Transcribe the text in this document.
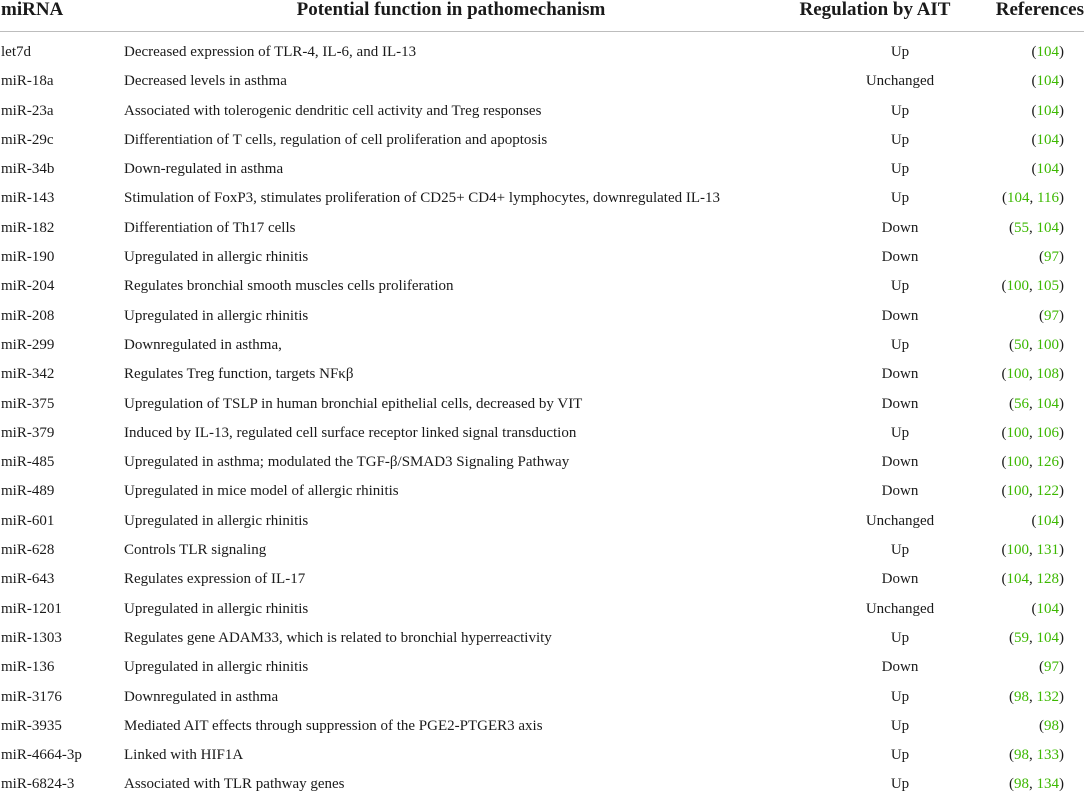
miRNA	Potential function in pathomechanism	Regulation by AIT	References
let7d	Decreased expression of TLR-4, IL-6, and IL-13	Up	(104)
miR-18a	Decreased levels in asthma	Unchanged	(104)
miR-23a	Associated with tolerogenic dendritic cell activity and Treg responses	Up	(104)
miR-29c	Differentiation of T cells, regulation of cell proliferation and apoptosis	Up	(104)
miR-34b	Down-regulated in asthma	Up	(104)
miR-143	Stimulation of FoxP3, stimulates proliferation of CD25+ CD4+ lymphocytes, downregulated IL-13	Up	(104, 116)
miR-182	Differentiation of Th17 cells	Down	(55, 104)
miR-190	Upregulated in allergic rhinitis	Down	(97)
miR-204	Regulates bronchial smooth muscles cells proliferation	Up	(100, 105)
miR-208	Upregulated in allergic rhinitis	Down	(97)
miR-299	Downregulated in asthma,	Up	(50, 100)
miR-342	Regulates Treg function, targets NFκβ	Down	(100, 108)
miR-375	Upregulation of TSLP in human bronchial epithelial cells, decreased by VIT	Down	(56, 104)
miR-379	Induced by IL-13, regulated cell surface receptor linked signal transduction	Up	(100, 106)
miR-485	Upregulated in asthma; modulated the TGF-β/SMAD3 Signaling Pathway	Down	(100, 126)
miR-489	Upregulated in mice model of allergic rhinitis	Down	(100, 122)
miR-601	Upregulated in allergic rhinitis	Unchanged	(104)
miR-628	Controls TLR signaling	Up	(100, 131)
miR-643	Regulates expression of IL-17	Down	(104, 128)
miR-1201	Upregulated in allergic rhinitis	Unchanged	(104)
miR-1303	Regulates gene ADAM33, which is related to bronchial hyperreactivity	Up	(59, 104)
miR-136	Upregulated in allergic rhinitis	Down	(97)
miR-3176	Downregulated in asthma	Up	(98, 132)
miR-3935	Mediated AIT effects through suppression of the PGE2-PTGER3 axis	Up	(98)
miR-4664-3p	Linked with HIF1A	Up	(98, 133)
miR-6824-3	Associated with TLR pathway genes	Up	(98, 134)
